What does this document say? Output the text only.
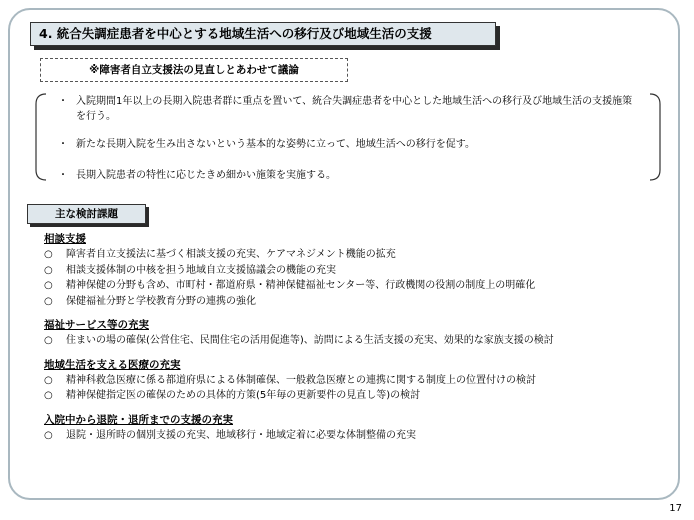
4. 統合失調症患者を中心とする地域生活への移行及び地域生活の支援
※障害者自立支援法の見直しとあわせて議論
・ 入院期間1年以上の長期入院患者群に重点を置いて、統合失調症患者を中心とした地域生活への移行及び地域生活の支援施策を行う。
・ 新たな長期入院を生み出さないという基本的な姿勢に立って、地域生活への移行を促す。
・ 長期入院患者の特性に応じたきめ細かい施策を実施する。
主な検討課題
相談支援
○ 障害者自立支援法に基づく相談支援の充実、ケアマネジメント機能の拡充
○ 相談支援体制の中核を担う地域自立支援協議会の機能の充実
○ 精神保健の分野も含め、市町村・都道府県・精神保健福祉センター等、行政機関の役割の制度上の明確化
○ 保健福祉分野と学校教育分野の連携の強化
福祉サービス等の充実
○ 住まいの場の確保(公営住宅、民間住宅の活用促進等)、訪問による生活支援の充実、効果的な家族支援の検討
地域生活を支える医療の充実
○ 精神科救急医療に係る都道府県による体制確保、一般救急医療との連携に関する制度上の位置付けの検討
○ 精神保健指定医の確保のための具体的方策(5年毎の更新要件の見直し等)の検討
入院中から退院・退所までの支援の充実
○ 退院・退所時の個別支援の充実、地域移行・地域定着に必要な体制整備の充実
17
